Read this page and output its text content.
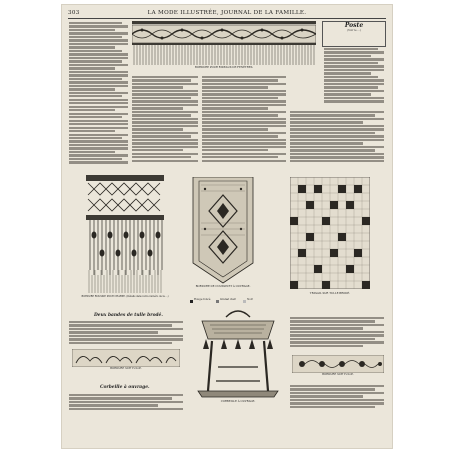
303	LA MODE ILLUSTRÉE, JOURNAL DE LA FAMILLE.
BORDURE POUR RIDEAUX DE FENÊTRES.
Poste
(Voir le ...)
BORDURE ROUSSIE POUR CHARPE. (Détails dans notre numéro de la ...)
BORDURE DE COUSSINET À OUVRAGE.
Rouge foncé	Grenat clair	Noir
TRAVAIL SUR TULLE BRODÉ.
Deux bandes de tulle brodé.
BORDURE SUR TULLE.
Corbeille à ouvrage.
CORBEILLE À OUVRAGE.
BORDURE SUR TULLE.
